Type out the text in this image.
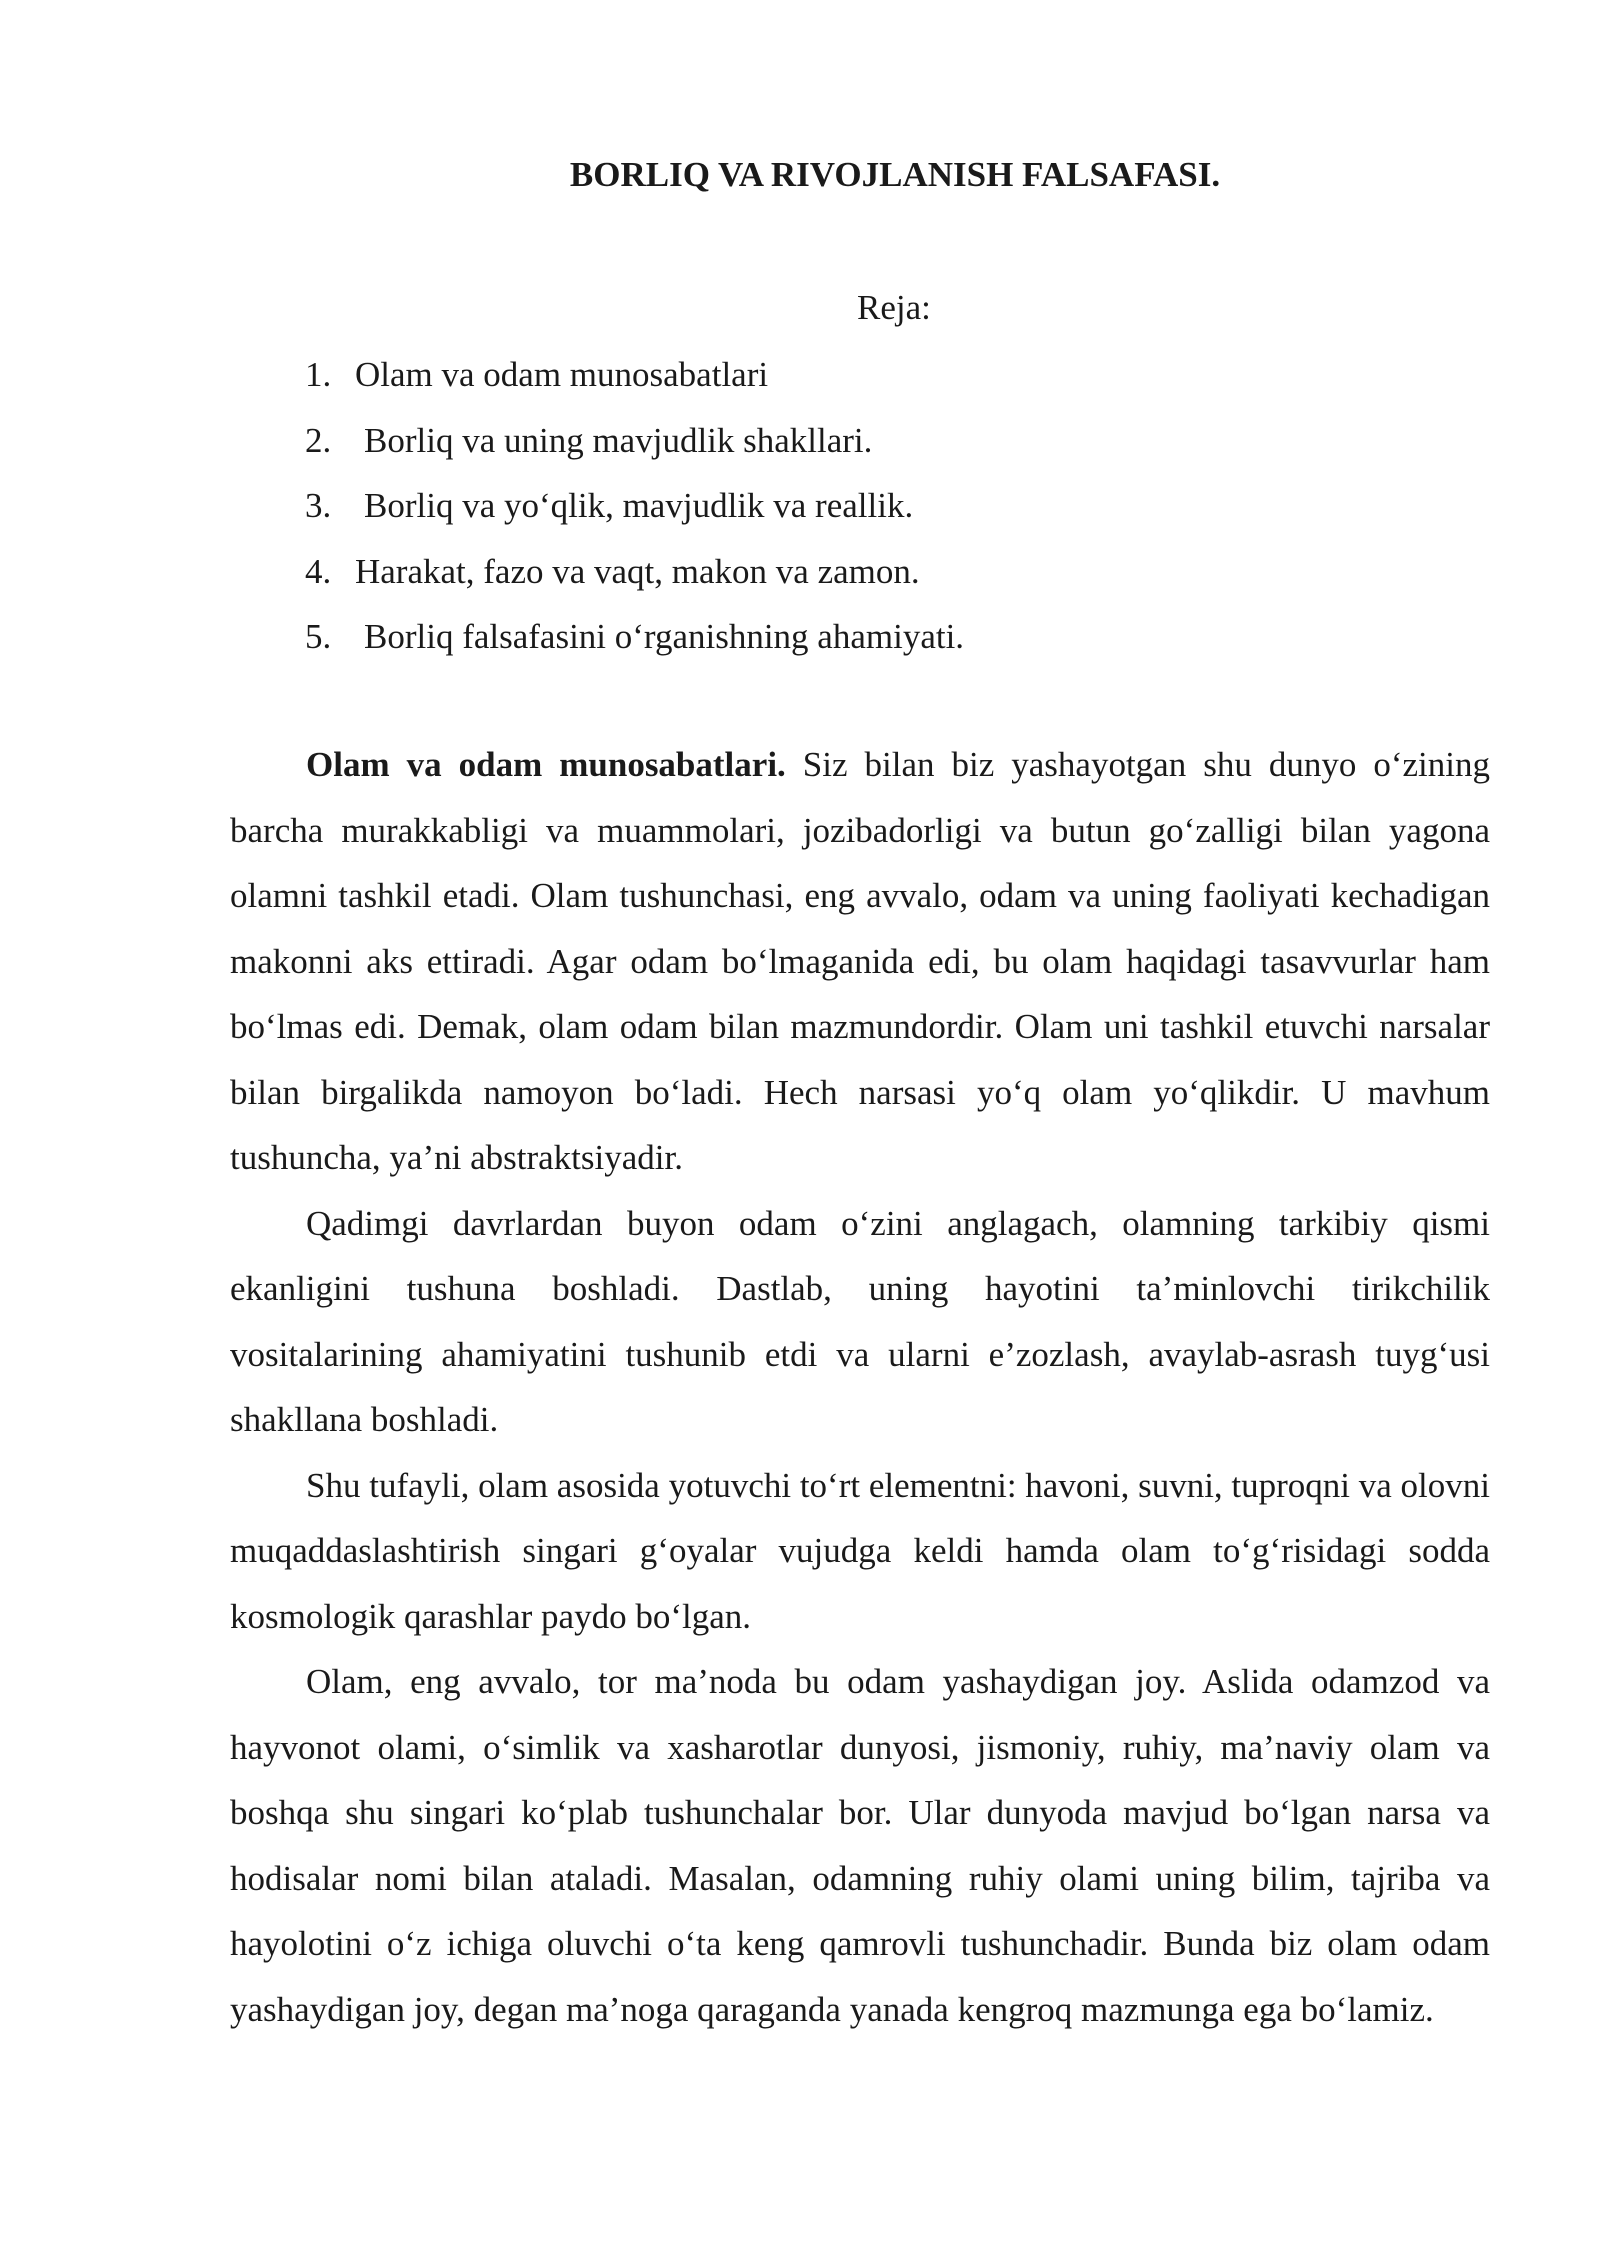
BORLIQ VA RIVOJLANISH FALSAFASI.
Reja:
1. Olam va odam munosabatlari
2. Borliq va uning mavjudlik shakllari.
3. Borliq va yo‘qlik, mavjudlik va reallik.
4. Harakat, fazo va vaqt, makon va zamon.
5. Borliq falsafasini o‘rganishning ahamiyati.

Olam va odam munosabatlari. Siz bilan biz yashayotgan shu dunyo o‘zining barcha murakkabligi va muammolari, jozibadorligi va butun go‘zalligi bilan yagona olamni tashkil etadi. Olam tushunchasi, eng avvalo, odam va uning faoliyati kechadigan makonni aks ettiradi. Agar odam bo‘lmaganida edi, bu olam haqidagi tasavvurlar ham bo‘lmas edi. Demak, olam odam bilan mazmundordir. Olam uni tashkil etuvchi narsalar bilan birgalikda namoyon bo‘ladi. Hech narsasi yo‘q olam yo‘qlikdir. U mavhum tushuncha, ya’ni abstraktsiyadir.

Qadimgi davrlardan buyon odam o‘zini anglagach, olamning tarkibiy qismi ekanligini tushuna boshladi. Dastlab, uning hayotini ta’minlovchi tirikchilik vositalarining ahamiyatini tushunib etdi va ularni e’zozlash, avaylab-asrash tuyg‘usi shakllana boshladi.

Shu tufayli, olam asosida yotuvchi to‘rt elementni: havoni, suvni, tuproqni va olovni muqaddaslashtirish singari g‘oyalar vujudga keldi hamda olam to‘g‘risidagi sodda kosmologik qarashlar paydo bo‘lgan.

Olam, eng avvalo, tor ma’noda bu odam yashaydigan joy. Aslida odamzod va hayvonot olami, o‘simlik va xasharotlar dunyosi, jismoniy, ruhiy, ma’naviy olam va boshqa shu singari ko‘plab tushunchalar bor. Ular dunyoda mavjud bo‘lgan narsa va hodisalar nomi bilan ataladi. Masalan, odamning ruhiy olami uning bilim, tajriba va hayolotini o‘z ichiga oluvchi o‘ta keng qamrovli tushunchadir. Bunda biz olam odam yashaydigan joy, degan ma’noga qaraganda yanada kengroq mazmunga ega bo‘lamiz.
